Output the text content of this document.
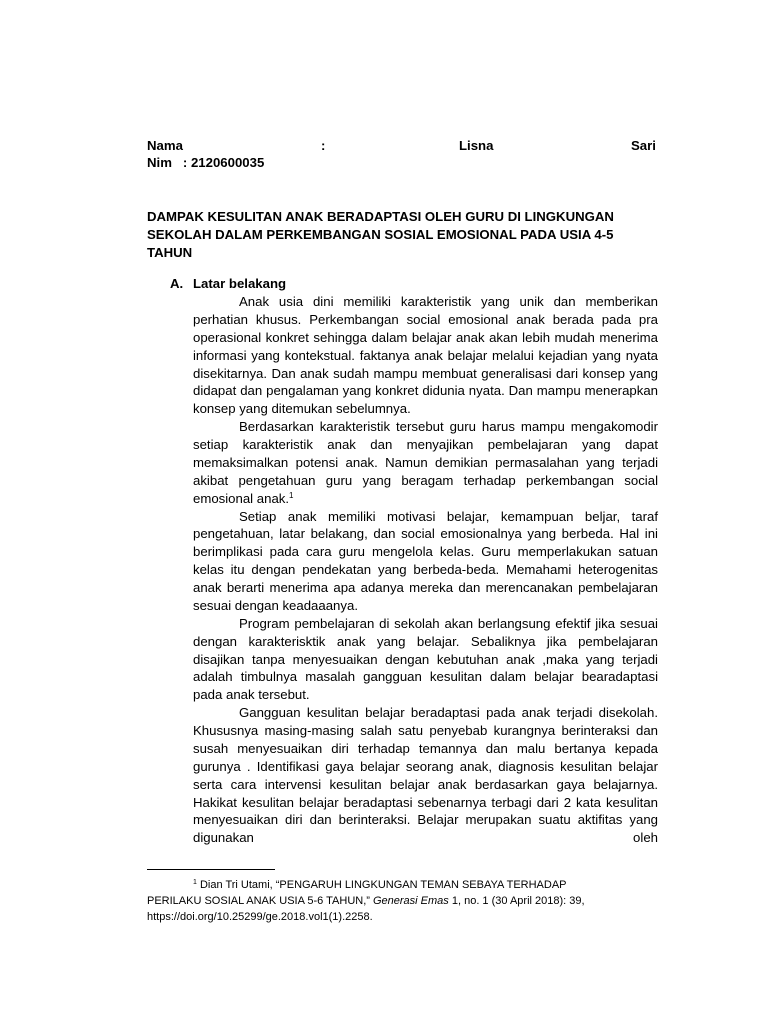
Nama	:	Lisna	Sari
Nim   : 2120600035
DAMPAK KESULITAN ANAK BERADAPTASI OLEH GURU DI LINGKUNGAN SEKOLAH DALAM PERKEMBANGAN SOSIAL EMOSIONAL PADA USIA 4-5 TAHUN
A. Latar belakang

Anak usia dini memiliki karakteristik yang unik dan memberikan perhatian khusus. Perkembangan social emosional anak berada pada pra operasional konkret sehingga dalam belajar anak akan lebih mudah menerima informasi yang kontekstual. faktanya anak belajar melalui kejadian yang nyata disekitarnya. Dan anak sudah mampu membuat generalisasi dari konsep yang didapat dan pengalaman yang konkret didunia nyata. Dan mampu menerapkan konsep yang ditemukan sebelumnya.

Berdasarkan karakteristik tersebut guru harus mampu mengakomodir setiap karakteristik anak dan menyajikan pembelajaran yang dapat memaksimalkan potensi anak. Namun demikian permasalahan yang terjadi akibat pengetahuan guru yang beragam terhadap perkembangan social emosional anak.$^1$

Setiap anak memiliki motivasi belajar, kemampuan beljar, taraf pengetahuan, latar belakang, dan social emosionalnya yang berbeda. Hal ini berimplikasi pada cara guru mengelola kelas. Guru memperlakukan satuan kelas itu dengan pendekatan yang berbeda-beda. Memahami heterogenitas anak berarti menerima apa adanya mereka dan merencanakan pembelajaran sesuai dengan keadaaanya.

Program pembelajaran di sekolah akan berlangsung efektif jika sesuai dengan karakterisktik anak yang belajar. Sebaliknya jika pembelajaran disajikan tanpa menyesuaikan dengan kebutuhan anak ,maka yang terjadi adalah timbulnya masalah gangguan kesulitan dalam belajar bearadaptasi pada anak tersebut.

Gangguan kesulitan belajar beradaptasi pada anak terjadi disekolah. Khususnya masing-masing salah satu penyebab kurangnya berinteraksi dan susah menyesuaikan diri terhadap temannya dan malu bertanya kepada gurunya . Identifikasi gaya belajar seorang anak, diagnosis kesulitan belajar serta cara intervensi kesulitan belajar anak berdasarkan gaya belajarnya. Hakikat kesulitan belajar beradaptasi sebenarnya terbagi dari 2 kata kesulitan menyesuaikan diri dan berinteraksi. Belajar merupakan suatu aktifitas yang digunakan oleh

$^1$ Dian Tri Utami, “PENGARUH LINGKUNGAN TEMAN SEBAYA TERHADAP PERILAKU SOSIAL ANAK USIA 5-6 TAHUN,” Generasi Emas 1, no. 1 (30 April 2018): 39, https://doi.org/10.25299/ge.2018.vol1(1).2258.
